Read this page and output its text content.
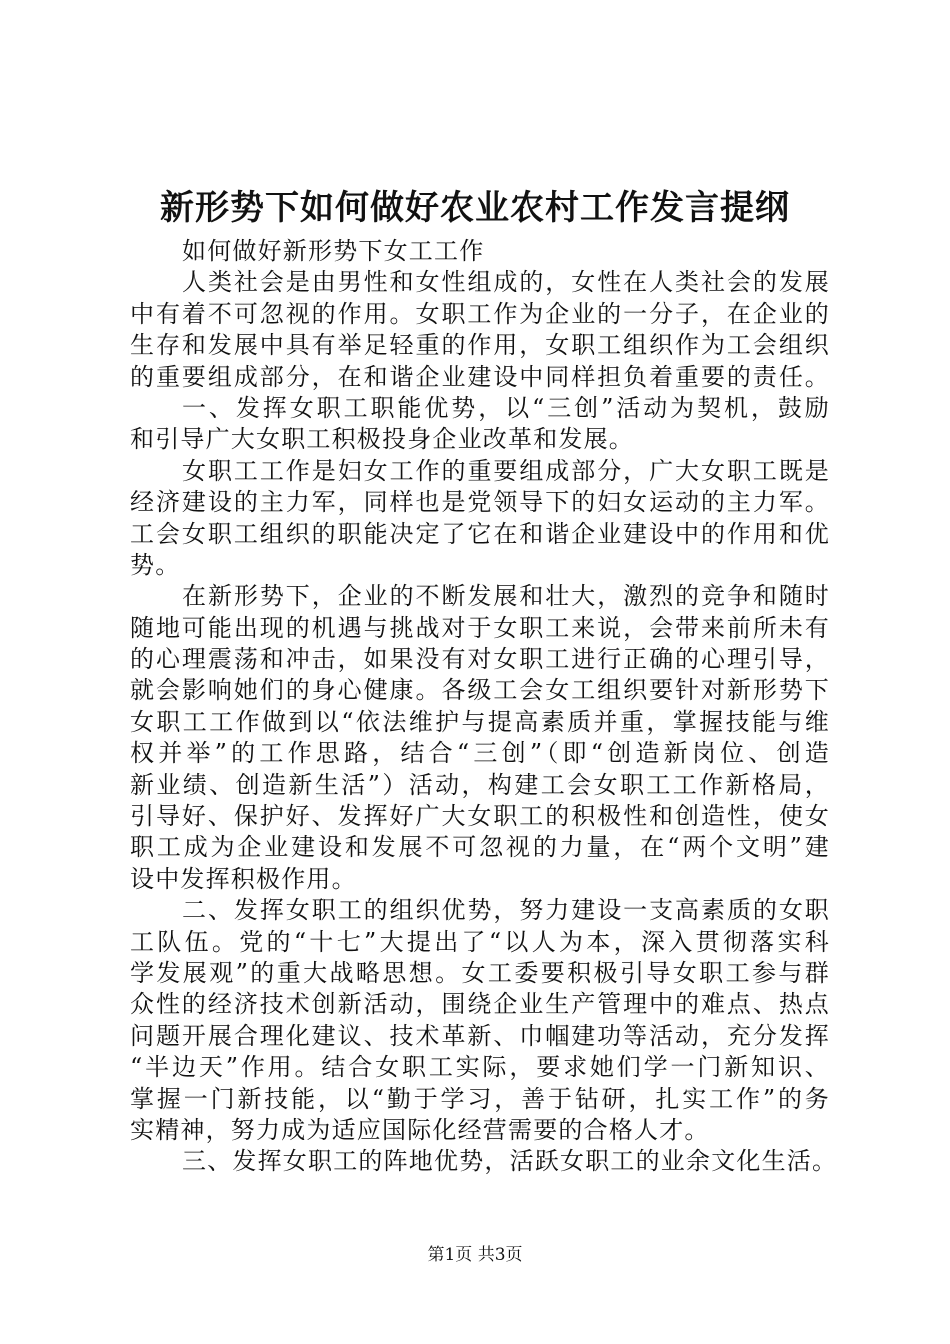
新形势下如何做好农业农村工作发言提纲
如何做好新形势下女工工作
人类社会是由男性和女性组成的，女性在人类社会的发展
中有着不可忽视的作用。女职工作为企业的一分子，在企业的
生存和发展中具有举足轻重的作用，女职工组织作为工会组织
的重要组成部分，在和谐企业建设中同样担负着重要的责任。
一、发挥女职工职能优势，以“三创”活动为契机，鼓励
和引导广大女职工积极投身企业改革和发展。
女职工工作是妇女工作的重要组成部分，广大女职工既是
经济建设的主力军，同样也是党领导下的妇女运动的主力军。
工会女职工组织的职能决定了它在和谐企业建设中的作用和优
势。
在新形势下，企业的不断发展和壮大，激烈的竞争和随时
随地可能出现的机遇与挑战对于女职工来说，会带来前所未有
的心理震荡和冲击，如果没有对女职工进行正确的心理引导，
就会影响她们的身心健康。各级工会女工组织要针对新形势下
女职工工作做到以“依法维护与提高素质并重，掌握技能与维
权并举”的工作思路，结合“三创”（即“创造新岗位、创造
新业绩、创造新生活”）活动，构建工会女职工工作新格局，
引导好、保护好、发挥好广大女职工的积极性和创造性，使女
职工成为企业建设和发展不可忽视的力量，在“两个文明”建
设中发挥积极作用。
二、发挥女职工的组织优势，努力建设一支高素质的女职
工队伍。党的“十七”大提出了“以人为本，深入贯彻落实科
学发展观”的重大战略思想。女工委要积极引导女职工参与群
众性的经济技术创新活动，围绕企业生产管理中的难点、热点
问题开展合理化建议、技术革新、巾帼建功等活动，充分发挥
“半边天”作用。结合女职工实际，要求她们学一门新知识、
掌握一门新技能，以“勤于学习，善于钻研，扎实工作”的务
实精神，努力成为适应国际化经营需要的合格人才。
三、发挥女职工的阵地优势，活跃女职工的业余文化生活。
第1页 共3页
